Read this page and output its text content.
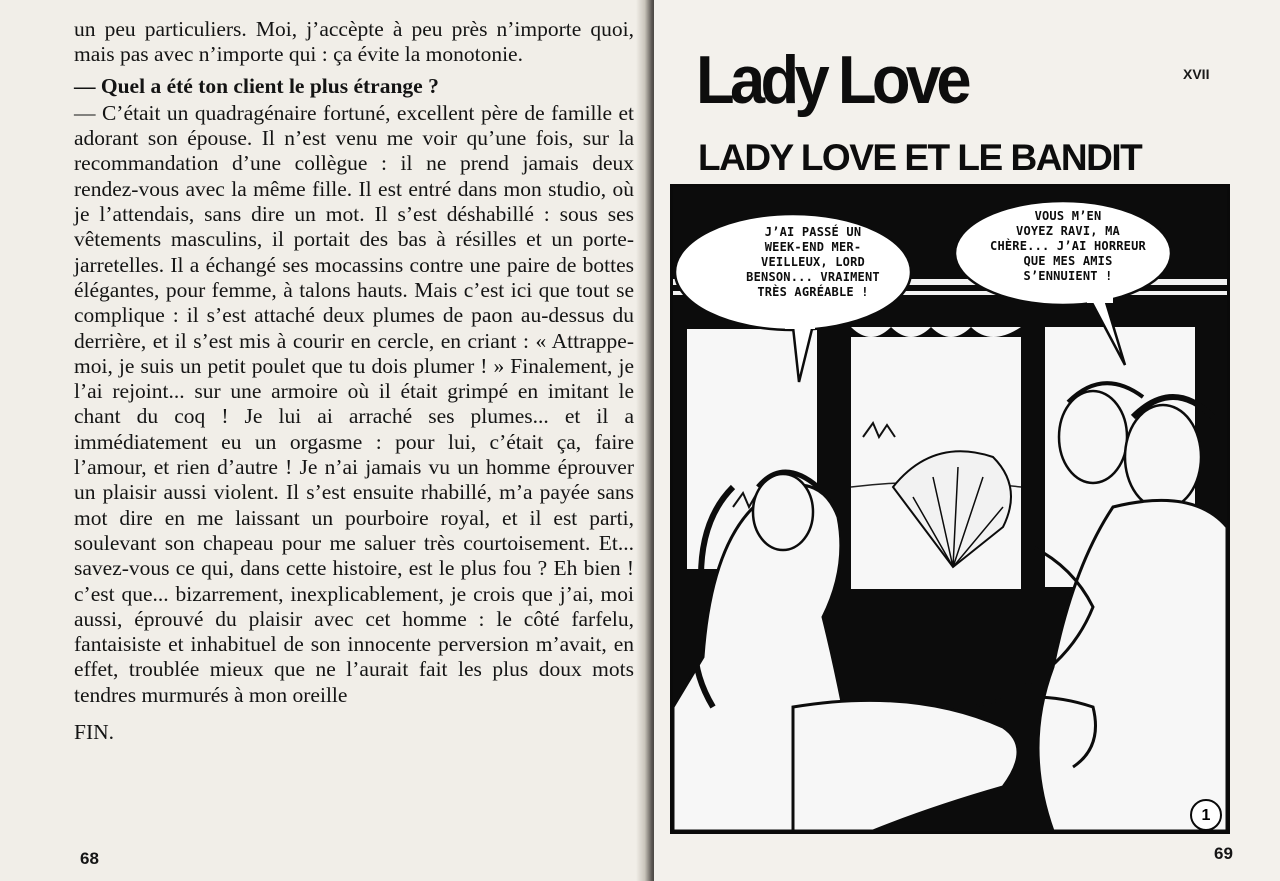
un peu particuliers. Moi, j’accèpte à peu près n’importe quoi, mais pas avec n’importe qui : ça évite la monotonie.

— Quel a été ton client le plus étrange ?

— C’était un quadragénaire fortuné, excellent père de famille et adorant son épouse. Il n’est venu me voir qu’une fois, sur la recommandation d’une collègue : il ne prend jamais deux rendez-vous avec la même fille. Il est entré dans mon studio, où je l’attendais, sans dire un mot. Il s’est déshabillé : sous ses vêtements masculins, il portait des bas à résilles et un porte-jarretelles. Il a échangé ses mocassins contre une paire de bottes élégantes, pour femme, à talons hauts. Mais c’est ici que tout se complique : il s’est attaché deux plumes de paon au-dessus du derrière, et il s’est mis à courir en cercle, en criant : « Attrappe-moi, je suis un petit poulet que tu dois plumer ! » Finalement, je l’ai rejoint... sur une armoire où il était grimpé en imitant le chant du coq ! Je lui ai arraché ses plumes... et il a immédiatement eu un orgasme : pour lui, c’était ça, faire l’amour, et rien d’autre ! Je n’ai jamais vu un homme éprouver un plaisir aussi violent. Il s’est ensuite rhabillé, m’a payée sans mot dire en me laissant un pourboire royal, et il est parti, soulevant son chapeau pour me saluer très courtoisement. Et... savez-vous ce qui, dans cette histoire, est le plus fou ? Eh bien ! c’est que... bizarrement, inexplicablement, je crois que j’ai, moi aussi, éprouvé du plaisir avec cet homme : le côté farfelu, fantaisiste et inhabituel de son innocente perversion m’avait, en effet, troublée mieux que ne l’aurait fait les plus doux mots tendres murmurés à mon oreille

FIN.

68
Lady Love	XVII
LADY LOVE ET LE BANDIT
J’AI PASSÉ UN
WEEK-END MER-
VEILLEUX, LORD
BENSON... VRAIMENT
TRÈS AGRÉABLE !
VOUS M’EN
VOYEZ RAVI, MA
CHÈRE... J’AI HORREUR
QUE MES AMIS
S’ENNUIENT !
1
69
